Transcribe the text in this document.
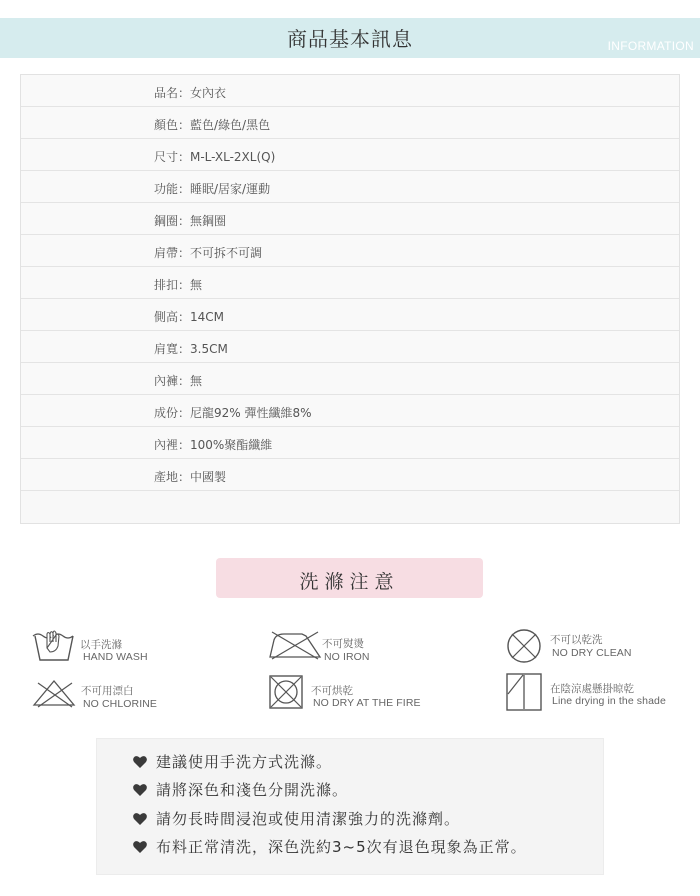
商品基本訊息	INFORMATION
品名：女內衣
顏色：藍色/綠色/黑色
尺寸：M-L-XL-2XL(Q)
功能：睡眠/居家/運動
鋼圈：無鋼圈
肩帶：不可拆不可調
排扣：無
側高：14CM
肩寬：3.5CM
內褲：無
成份：尼龍92% 彈性纖維8%
內裡：100%聚酯纖維
產地：中國製
洗滌注意
以手洗滌
HAND WASH
不可熨燙
NO IRON
不可以乾洗
NO DRY CLEAN
不可用漂白
NO CHLORINE
不可烘乾
NO DRY AT THE FIRE
在陰涼處懸掛晾乾
Line drying in the shade
建議使用手洗方式洗滌。
請將深色和淺色分開洗滌。
請勿長時間浸泡或使用清潔強力的洗滌劑。
布料正常清洗，深色洗約3~5次有退色現象為正常。
